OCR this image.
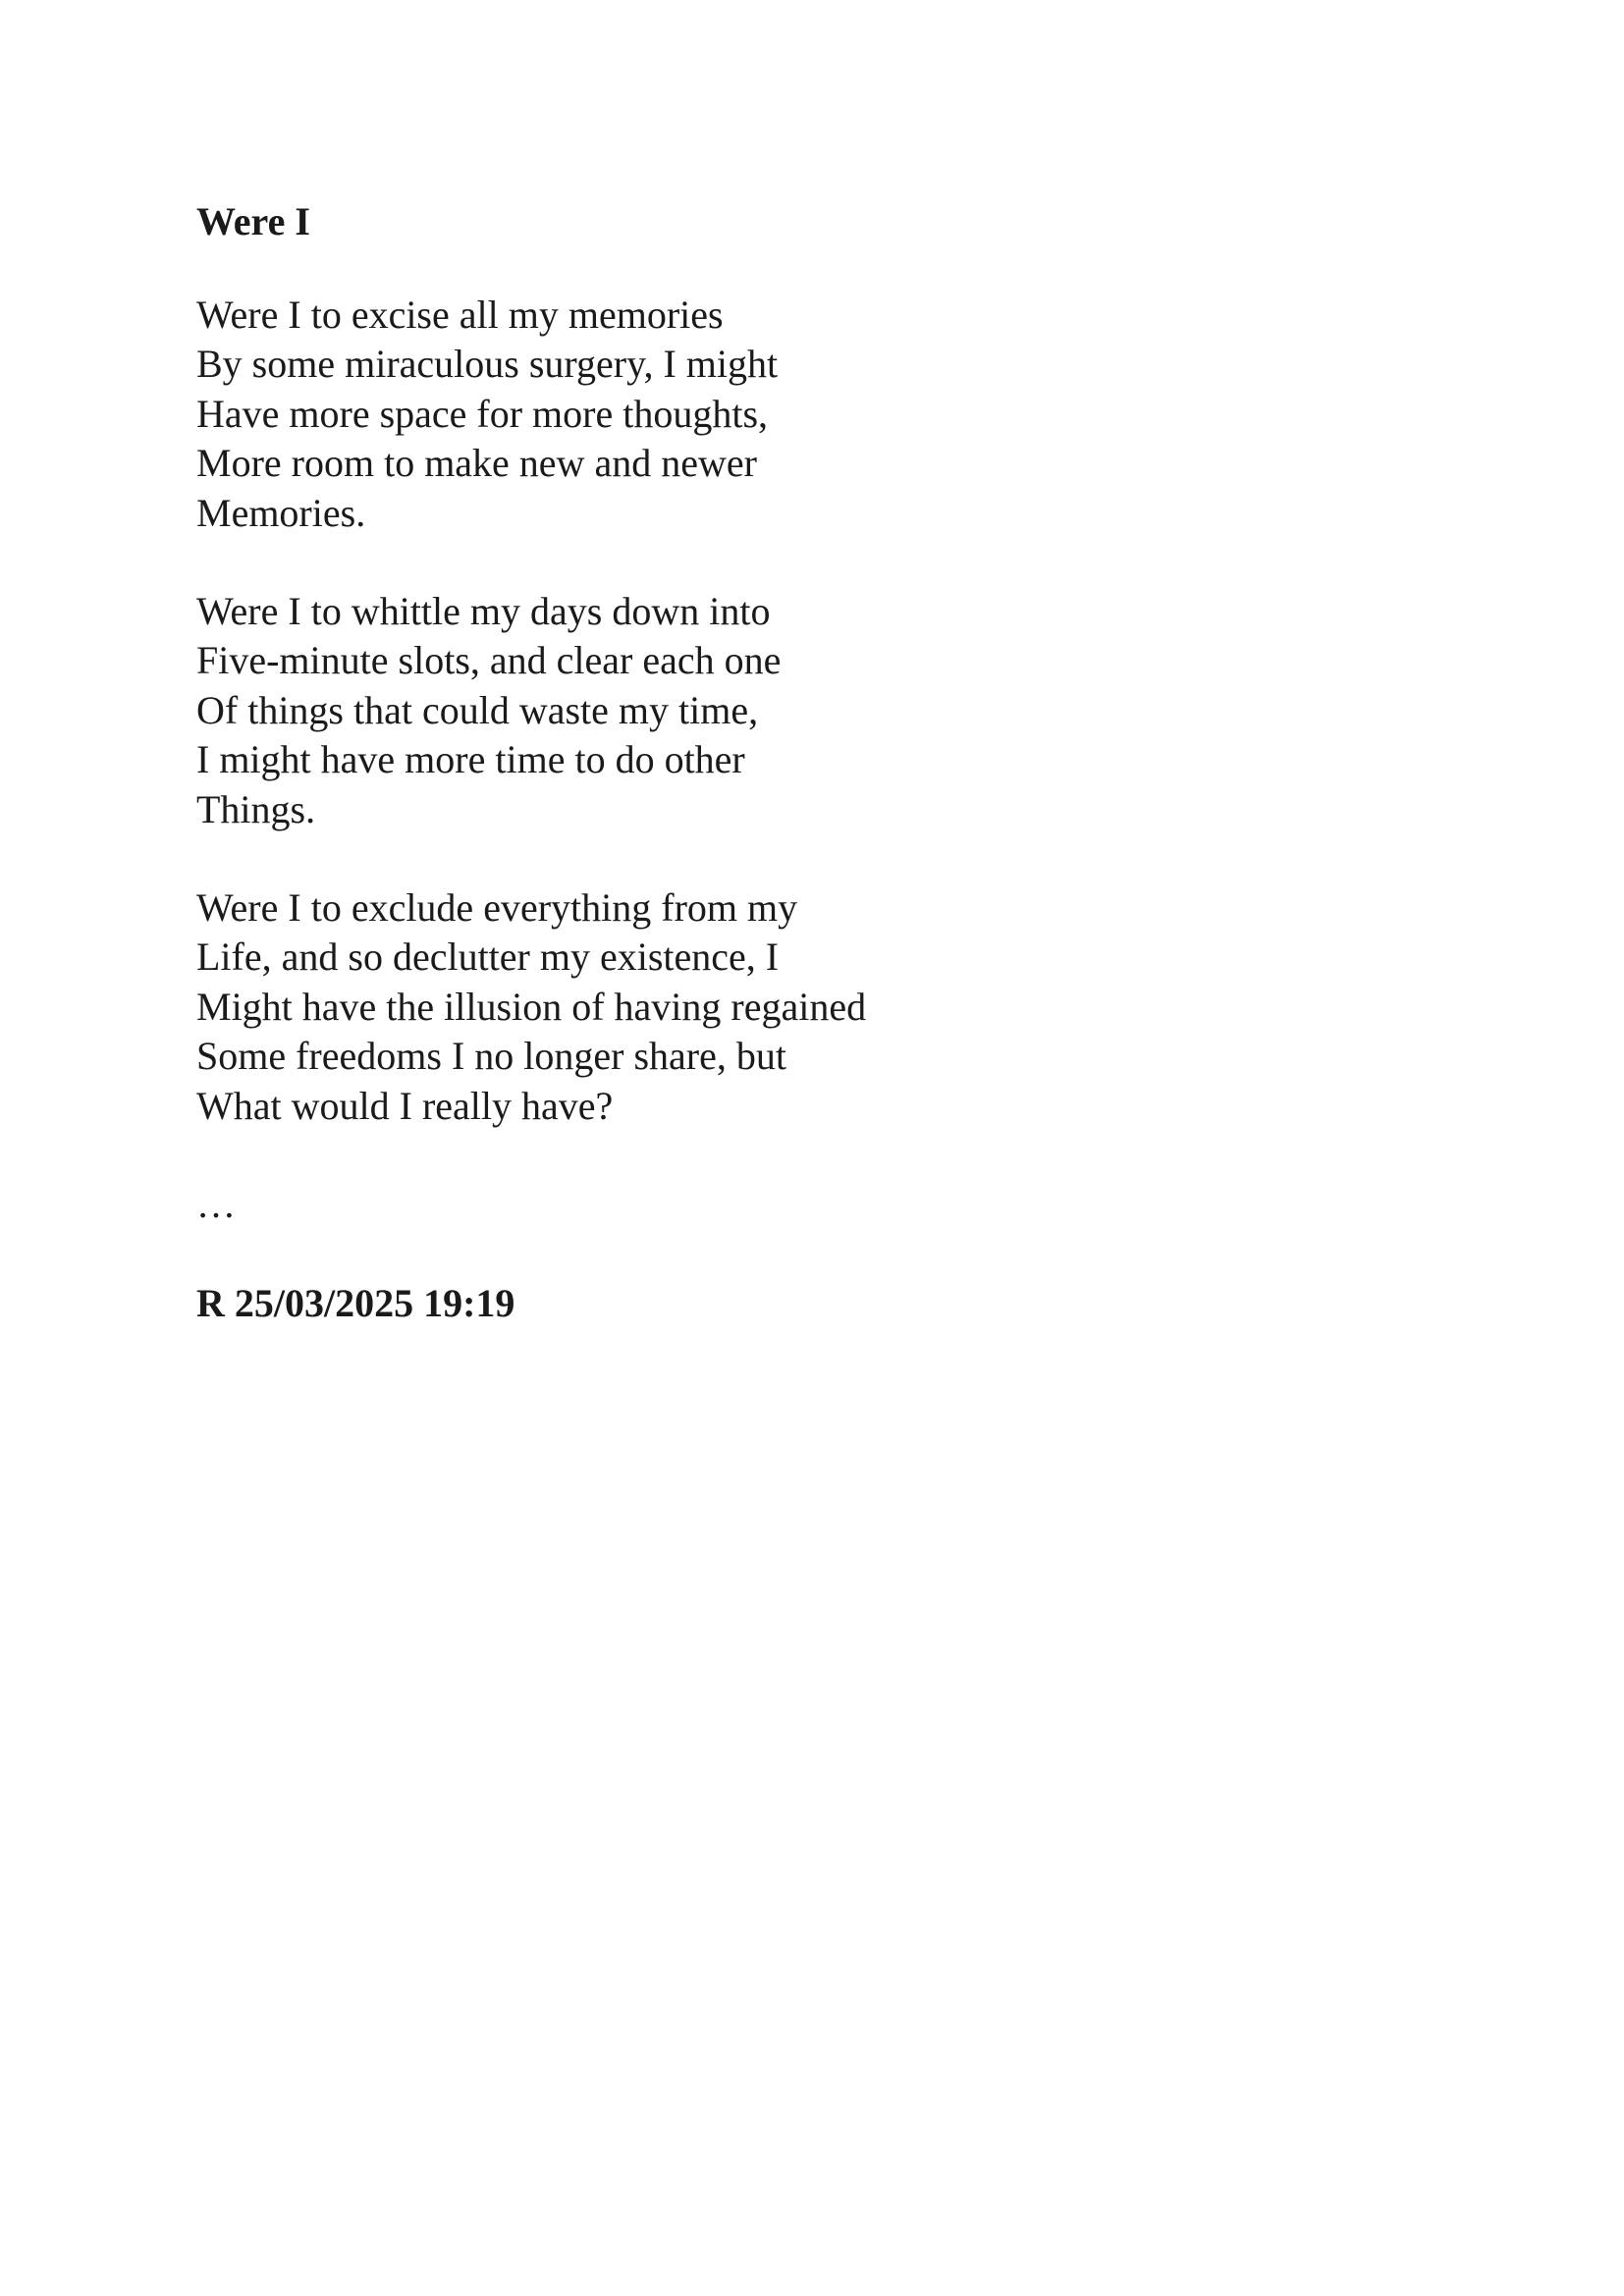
Were I
Were I to excise all my memories
By some miraculous surgery, I might
Have more space for more thoughts,
More room to make new and newer
Memories.
Were I to whittle my days down into
Five-minute slots, and clear each one
Of things that could waste my time,
I might have more time to do other
Things.
Were I to exclude everything from my
Life, and so declutter my existence, I
Might have the illusion of having regained
Some freedoms I no longer share, but
What would I really have?
…
R 25/03/2025 19:19
